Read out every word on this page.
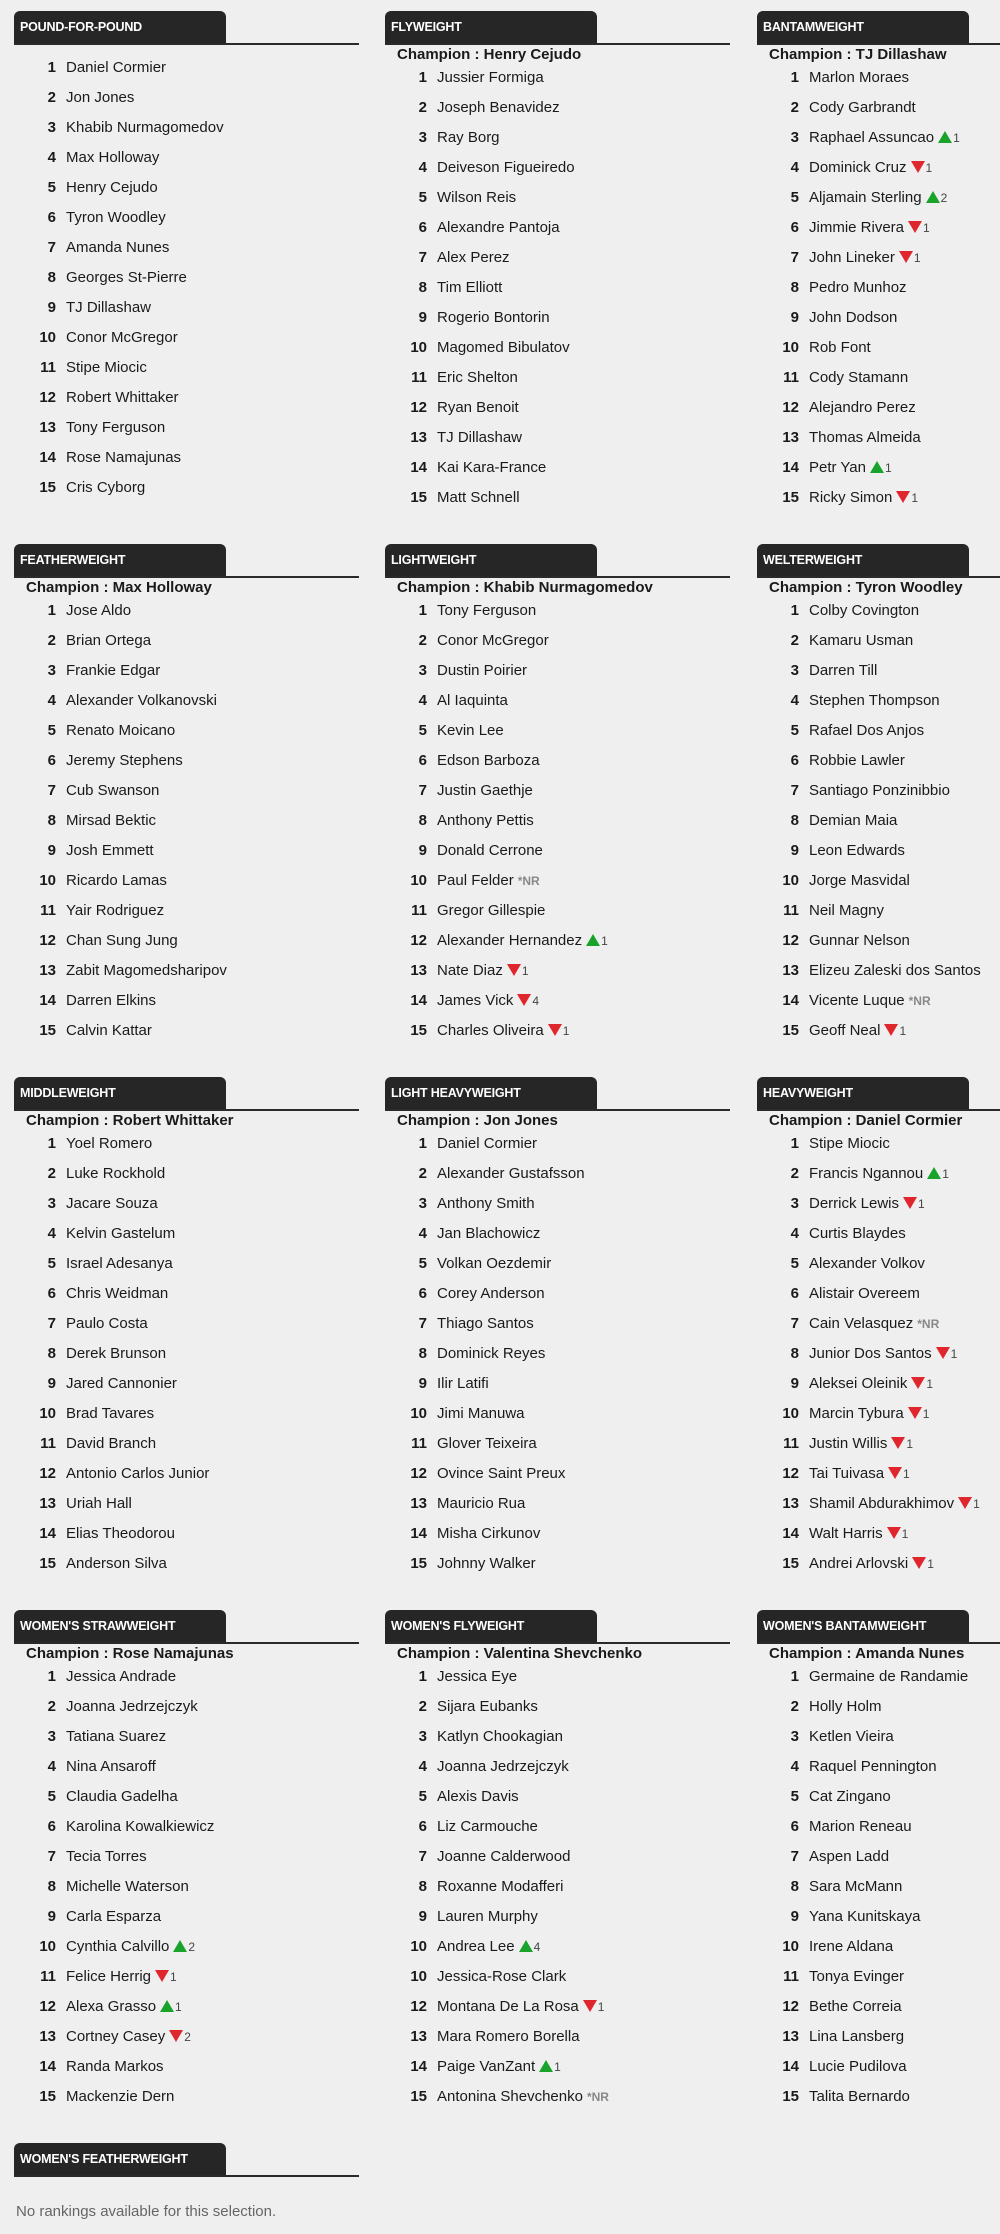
POUND-FOR-POUND
1 Daniel Cormier
2 Jon Jones
3 Khabib Nurmagomedov
4 Max Holloway
5 Henry Cejudo
6 Tyron Woodley
7 Amanda Nunes
8 Georges St-Pierre
9 TJ Dillashaw
10 Conor McGregor
11 Stipe Miocic
12 Robert Whittaker
13 Tony Ferguson
14 Rose Namajunas
15 Cris Cyborg
FLYWEIGHT
Champion : Henry Cejudo
1 Jussier Formiga
2 Joseph Benavidez
3 Ray Borg
4 Deiveson Figueiredo
5 Wilson Reis
6 Alexandre Pantoja
7 Alex Perez
8 Tim Elliott
9 Rogerio Bontorin
10 Magomed Bibulatov
11 Eric Shelton
12 Ryan Benoit
13 TJ Dillashaw
14 Kai Kara-France
15 Matt Schnell
BANTAMWEIGHT
Champion : TJ Dillashaw
1 Marlon Moraes
2 Cody Garbrandt
3 Raphael Assuncao 1
4 Dominick Cruz 1
5 Aljamain Sterling 2
6 Jimmie Rivera 1
7 John Lineker 1
8 Pedro Munhoz
9 John Dodson
10 Rob Font
11 Cody Stamann
12 Alejandro Perez
13 Thomas Almeida
14 Petr Yan 1
15 Ricky Simon 1
FEATHERWEIGHT
Champion : Max Holloway
1 Jose Aldo
2 Brian Ortega
3 Frankie Edgar
4 Alexander Volkanovski
5 Renato Moicano
6 Jeremy Stephens
7 Cub Swanson
8 Mirsad Bektic
9 Josh Emmett
10 Ricardo Lamas
11 Yair Rodriguez
12 Chan Sung Jung
13 Zabit Magomedsharipov
14 Darren Elkins
15 Calvin Kattar
LIGHTWEIGHT
Champion : Khabib Nurmagomedov
1 Tony Ferguson
2 Conor McGregor
3 Dustin Poirier
4 Al Iaquinta
5 Kevin Lee
6 Edson Barboza
7 Justin Gaethje
8 Anthony Pettis
9 Donald Cerrone
10 Paul Felder *NR
11 Gregor Gillespie
12 Alexander Hernandez 1
13 Nate Diaz 1
14 James Vick 4
15 Charles Oliveira 1
WELTERWEIGHT
Champion : Tyron Woodley
1 Colby Covington
2 Kamaru Usman
3 Darren Till
4 Stephen Thompson
5 Rafael Dos Anjos
6 Robbie Lawler
7 Santiago Ponzinibbio
8 Demian Maia
9 Leon Edwards
10 Jorge Masvidal
11 Neil Magny
12 Gunnar Nelson
13 Elizeu Zaleski dos Santos
14 Vicente Luque *NR
15 Geoff Neal 1
MIDDLEWEIGHT
Champion : Robert Whittaker
1 Yoel Romero
2 Luke Rockhold
3 Jacare Souza
4 Kelvin Gastelum
5 Israel Adesanya
6 Chris Weidman
7 Paulo Costa
8 Derek Brunson
9 Jared Cannonier
10 Brad Tavares
11 David Branch
12 Antonio Carlos Junior
13 Uriah Hall
14 Elias Theodorou
15 Anderson Silva
LIGHT HEAVYWEIGHT
Champion : Jon Jones
1 Daniel Cormier
2 Alexander Gustafsson
3 Anthony Smith
4 Jan Blachowicz
5 Volkan Oezdemir
6 Corey Anderson
7 Thiago Santos
8 Dominick Reyes
9 Ilir Latifi
10 Jimi Manuwa
11 Glover Teixeira
12 Ovince Saint Preux
13 Mauricio Rua
14 Misha Cirkunov
15 Johnny Walker
HEAVYWEIGHT
Champion : Daniel Cormier
1 Stipe Miocic
2 Francis Ngannou 1
3 Derrick Lewis 1
4 Curtis Blaydes
5 Alexander Volkov
6 Alistair Overeem
7 Cain Velasquez *NR
8 Junior Dos Santos 1
9 Aleksei Oleinik 1
10 Marcin Tybura 1
11 Justin Willis 1
12 Tai Tuivasa 1
13 Shamil Abdurakhimov 1
14 Walt Harris 1
15 Andrei Arlovski 1
WOMEN'S STRAWWEIGHT
Champion : Rose Namajunas
1 Jessica Andrade
2 Joanna Jedrzejczyk
3 Tatiana Suarez
4 Nina Ansaroff
5 Claudia Gadelha
6 Karolina Kowalkiewicz
7 Tecia Torres
8 Michelle Waterson
9 Carla Esparza
10 Cynthia Calvillo 2
11 Felice Herrig 1
12 Alexa Grasso 1
13 Cortney Casey 2
14 Randa Markos
15 Mackenzie Dern
WOMEN'S FLYWEIGHT
Champion : Valentina Shevchenko
1 Jessica Eye
2 Sijara Eubanks
3 Katlyn Chookagian
4 Joanna Jedrzejczyk
5 Alexis Davis
6 Liz Carmouche
7 Joanne Calderwood
8 Roxanne Modafferi
9 Lauren Murphy
10 Andrea Lee 4
10 Jessica-Rose Clark
12 Montana De La Rosa 1
13 Mara Romero Borella
14 Paige VanZant 1
15 Antonina Shevchenko *NR
WOMEN'S BANTAMWEIGHT
Champion : Amanda Nunes
1 Germaine de Randamie
2 Holly Holm
3 Ketlen Vieira
4 Raquel Pennington
5 Cat Zingano
6 Marion Reneau
7 Aspen Ladd
8 Sara McMann
9 Yana Kunitskaya
10 Irene Aldana
11 Tonya Evinger
12 Bethe Correia
13 Lina Lansberg
14 Lucie Pudilova
15 Talita Bernardo
WOMEN'S FEATHERWEIGHT
No rankings available for this selection.
